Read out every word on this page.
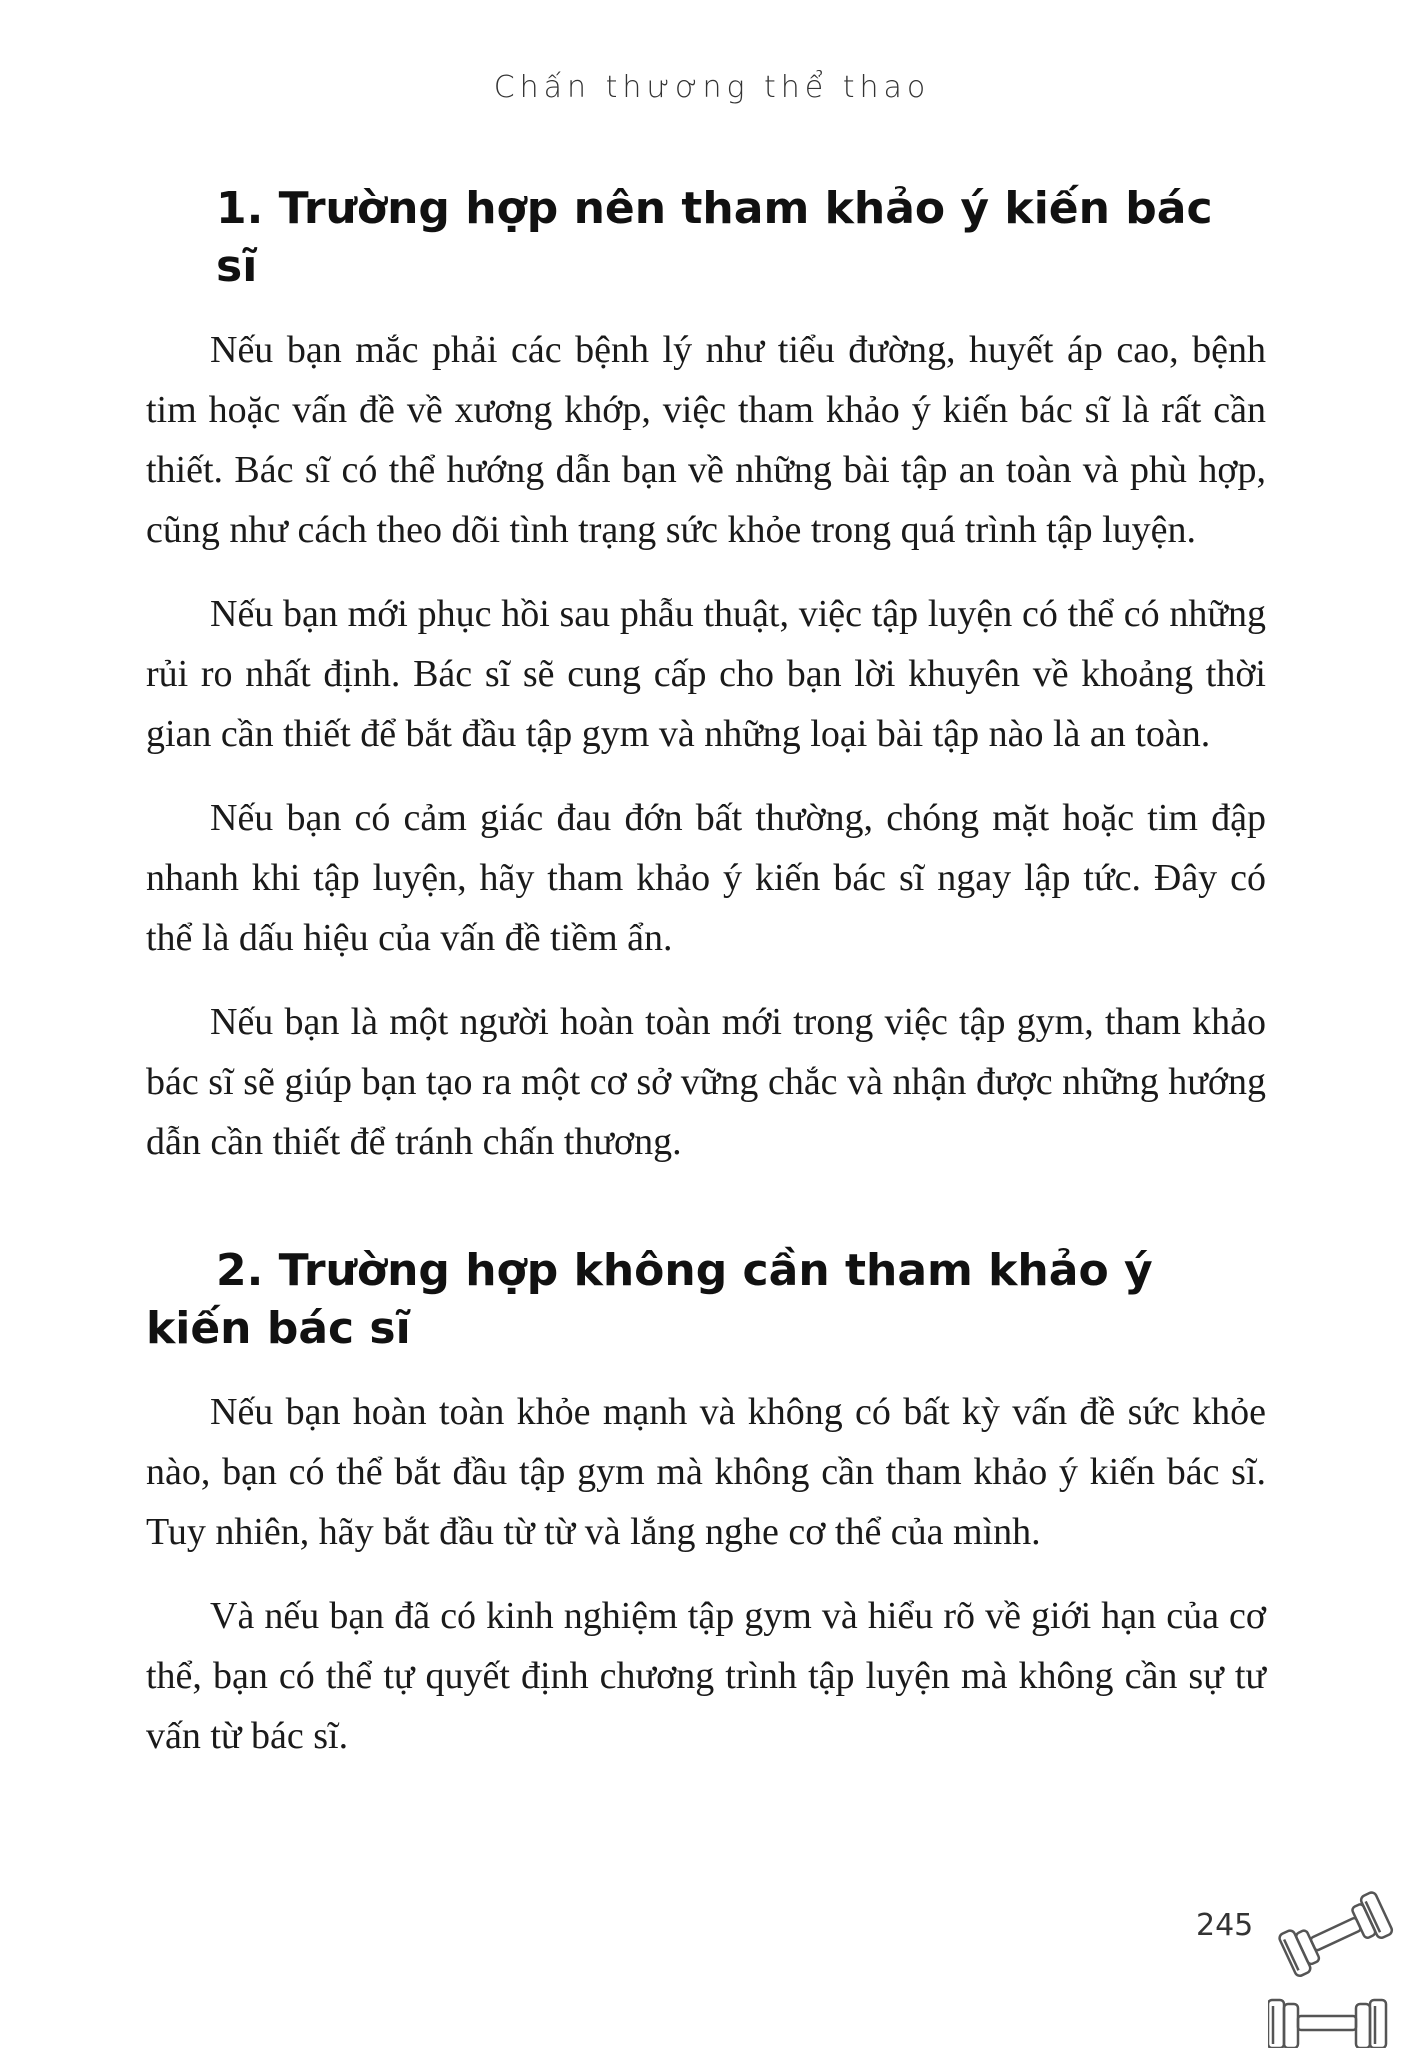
Chấn thương thể thao
1. Trường hợp nên tham khảo ý kiến bác sĩ

Nếu bạn mắc phải các bệnh lý như tiểu đường, huyết áp cao, bệnh tim hoặc vấn đề về xương khớp, việc tham khảo ý kiến bác sĩ là rất cần thiết. Bác sĩ có thể hướng dẫn bạn về những bài tập an toàn và phù hợp, cũng như cách theo dõi tình trạng sức khỏe trong quá trình tập luyện.

Nếu bạn mới phục hồi sau phẫu thuật, việc tập luyện có thể có những rủi ro nhất định. Bác sĩ sẽ cung cấp cho bạn lời khuyên về khoảng thời gian cần thiết để bắt đầu tập gym và những loại bài tập nào là an toàn.

Nếu bạn có cảm giác đau đớn bất thường, chóng mặt hoặc tim đập nhanh khi tập luyện, hãy tham khảo ý kiến bác sĩ ngay lập tức. Đây có thể là dấu hiệu của vấn đề tiềm ẩn.

Nếu bạn là một người hoàn toàn mới trong việc tập gym, tham khảo bác sĩ sẽ giúp bạn tạo ra một cơ sở vững chắc và nhận được những hướng dẫn cần thiết để tránh chấn thương.

2. Trường hợp không cần tham khảo ý kiến bác sĩ

Nếu bạn hoàn toàn khỏe mạnh và không có bất kỳ vấn đề sức khỏe nào, bạn có thể bắt đầu tập gym mà không cần tham khảo ý kiến bác sĩ. Tuy nhiên, hãy bắt đầu từ từ và lắng nghe cơ thể của mình.

Và nếu bạn đã có kinh nghiệm tập gym và hiểu rõ về giới hạn của cơ thể, bạn có thể tự quyết định chương trình tập luyện mà không cần sự tư vấn từ bác sĩ.

245
